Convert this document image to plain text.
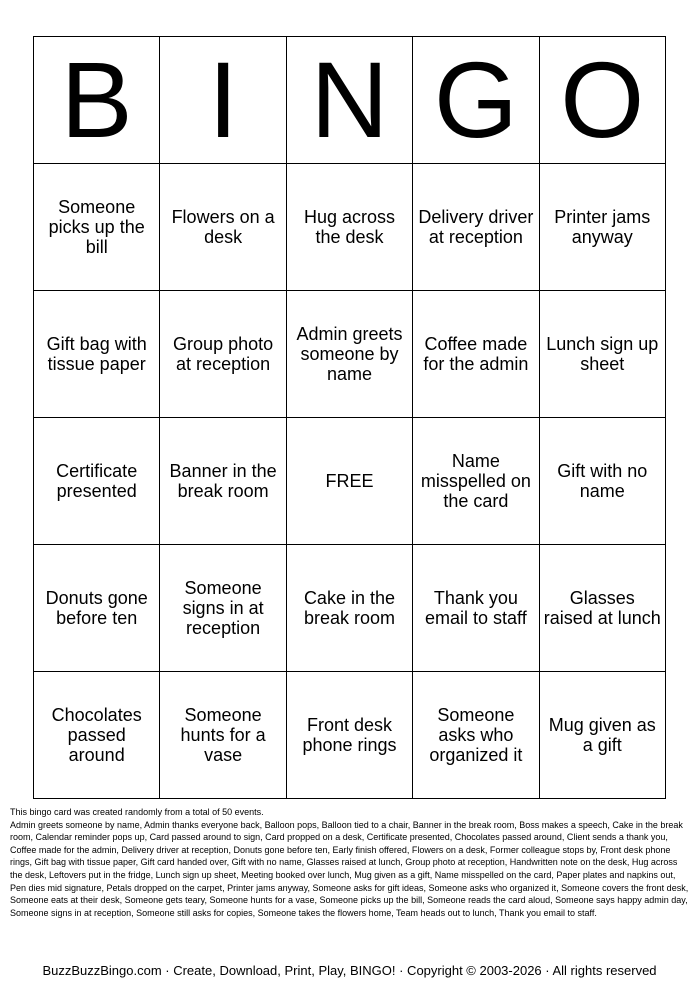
B	I	N	G	O
Someone picks up the bill	Flowers on a desk	Hug across the desk	Delivery driver at reception	Printer jams anyway
Gift bag with tissue paper	Group photo at reception	Admin greets someone by name	Coffee made for the admin	Lunch sign up sheet
Certificate presented	Banner in the break room	FREE	Name misspelled on the card	Gift with no name
Donuts gone before ten	Someone signs in at reception	Cake in the break room	Thank you email to staff	Glasses raised at lunch
Chocolates passed around	Someone hunts for a vase	Front desk phone rings	Someone asks who organized it	Mug given as a gift

This bingo card was created randomly from a total of 50 events.

Admin greets someone by name, Admin thanks everyone back, Balloon pops, Balloon tied to a chair, Banner in the break room, Boss makes a speech, Cake in the break room, Calendar reminder pops up, Card passed around to sign, Card propped on a desk, Certificate presented, Chocolates passed around, Client sends a thank you, Coffee made for the admin, Delivery driver at reception, Donuts gone before ten, Early finish offered, Flowers on a desk, Former colleague stops by, Front desk phone rings, Gift bag with tissue paper, Gift card handed over, Gift with no name, Glasses raised at lunch, Group photo at reception, Handwritten note on the desk, Hug across the desk, Leftovers put in the fridge, Lunch sign up sheet, Meeting booked over lunch, Mug given as a gift, Name misspelled on the card, Paper plates and napkins out, Pen dies mid signature, Petals dropped on the carpet, Printer jams anyway, Someone asks for gift ideas, Someone asks who organized it, Someone covers the front desk, Someone eats at their desk, Someone gets teary, Someone hunts for a vase, Someone picks up the bill, Someone reads the card aloud, Someone says happy admin day, Someone signs in at reception, Someone still asks for copies, Someone takes the flowers home, Team heads out to lunch, Thank you email to staff.

BuzzBuzzBingo.com · Create, Download, Print, Play, BINGO! · Copyright © 2003-2026 · All rights reserved
